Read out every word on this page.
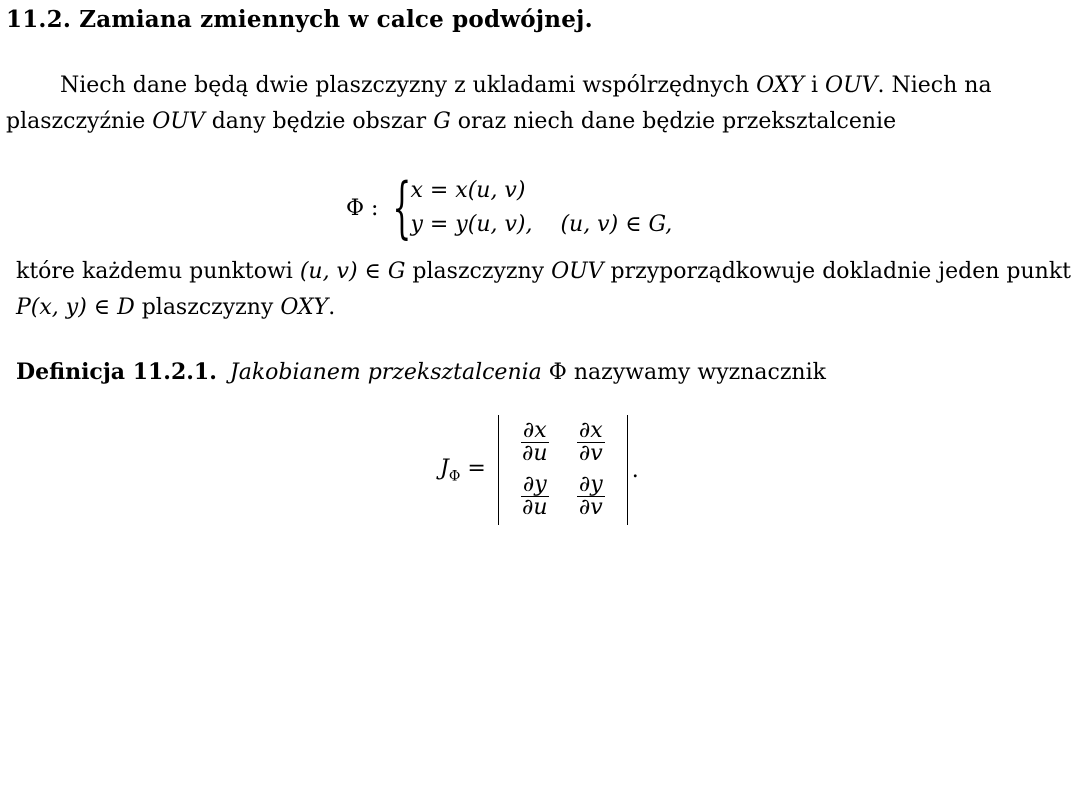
11.2. Zamiana zmiennych w calce podwójnej.
Niech dane będą dwie plaszczyzny z ukladami wspólrzędnych OXY i OUV. Niech na plaszczyźnie OUV dany będzie obszar G oraz niech dane będzie przeksztalcenie
Φ : {
x = x(u, v)
y = y(u, v),    (u, v) ∈ G,
które każdemu punktowi (u, v) ∈ G plaszczyzny OUV przyporządkowuje dokladnie jeden punkt P(x, y) ∈ D plaszczyzny OXY.
Definicja 11.2.1. Jakobianem przeksztalcenia Φ nazywamy wyznacznik
$J_\Phi$ =
$\frac{\partial x}{\partial u} \frac{\partial x}{\partial v}$
$\frac{\partial y}{\partial u} \frac{\partial y}{\partial v}$
.
